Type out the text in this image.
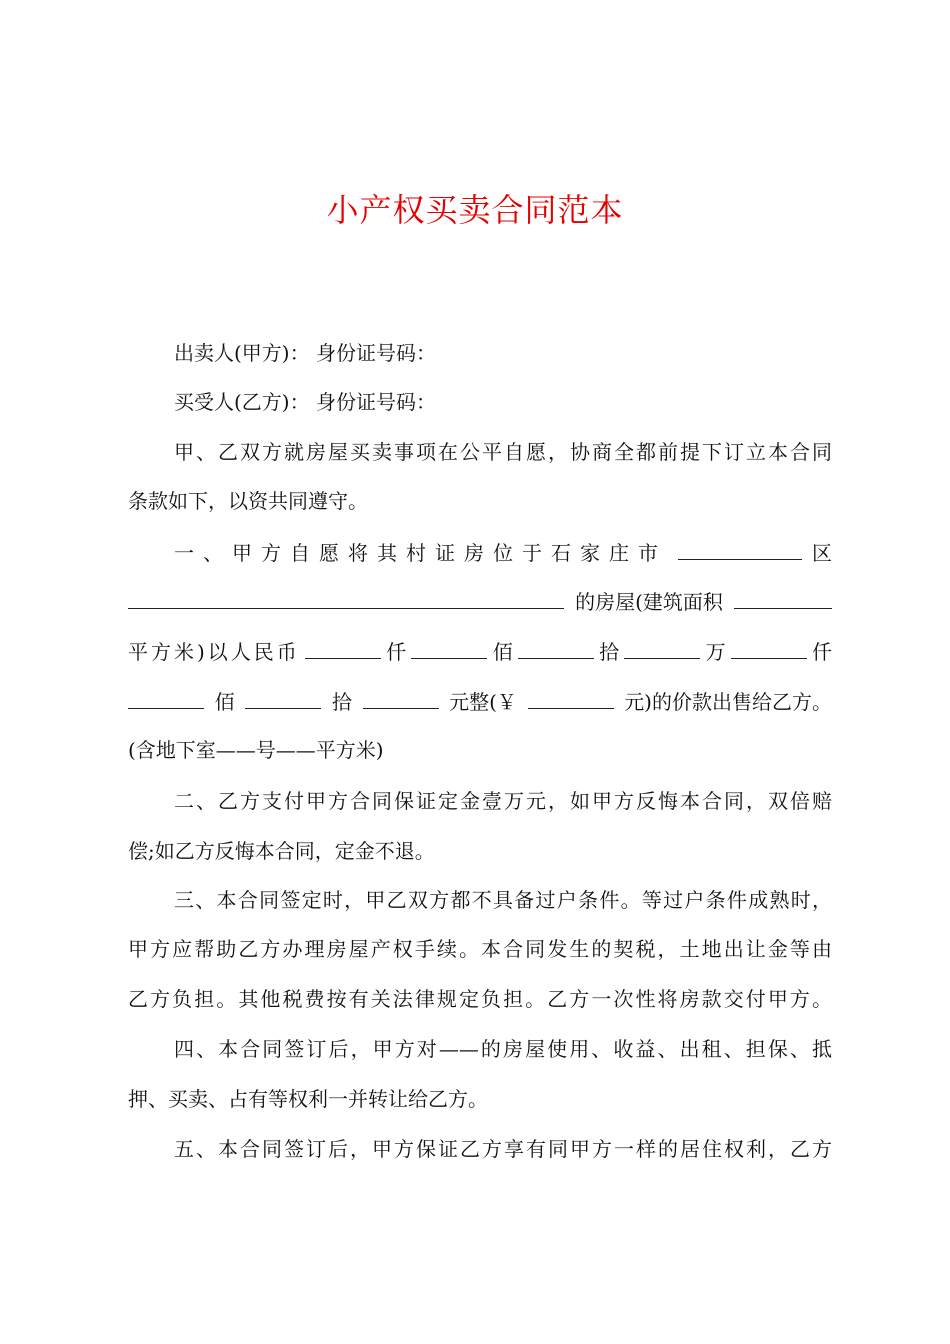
小产权买卖合同范本
出卖人(甲方)： 身份证号码：
买受人(乙方)： 身份证号码：
甲、乙双方就房屋买卖事项在公平自愿，协商全都前提下订立本合同
条款如下，以资共同遵守。
一、甲方自愿将其村证房位于石家庄市	区
的房屋(建筑面积
平方米)以人民币	仟	佰	拾	万	仟
佰	拾	元整(￥	元)的价款出售给乙方。
(含地下室——号——平方米)
二、乙方支付甲方合同保证定金壹万元，如甲方反悔本合同，双倍赔
偿;如乙方反悔本合同，定金不退。
三、本合同签定时，甲乙双方都不具备过户条件。等过户条件成熟时，
甲方应帮助乙方办理房屋产权手续。本合同发生的契税，土地出让金等由
乙方负担。其他税费按有关法律规定负担。乙方一次性将房款交付甲方。
四、本合同签订后，甲方对——的房屋使用、收益、出租、担保、抵
押、买卖、占有等权利一并转让给乙方。
五、本合同签订后，甲方保证乙方享有同甲方一样的居住权利，乙方
